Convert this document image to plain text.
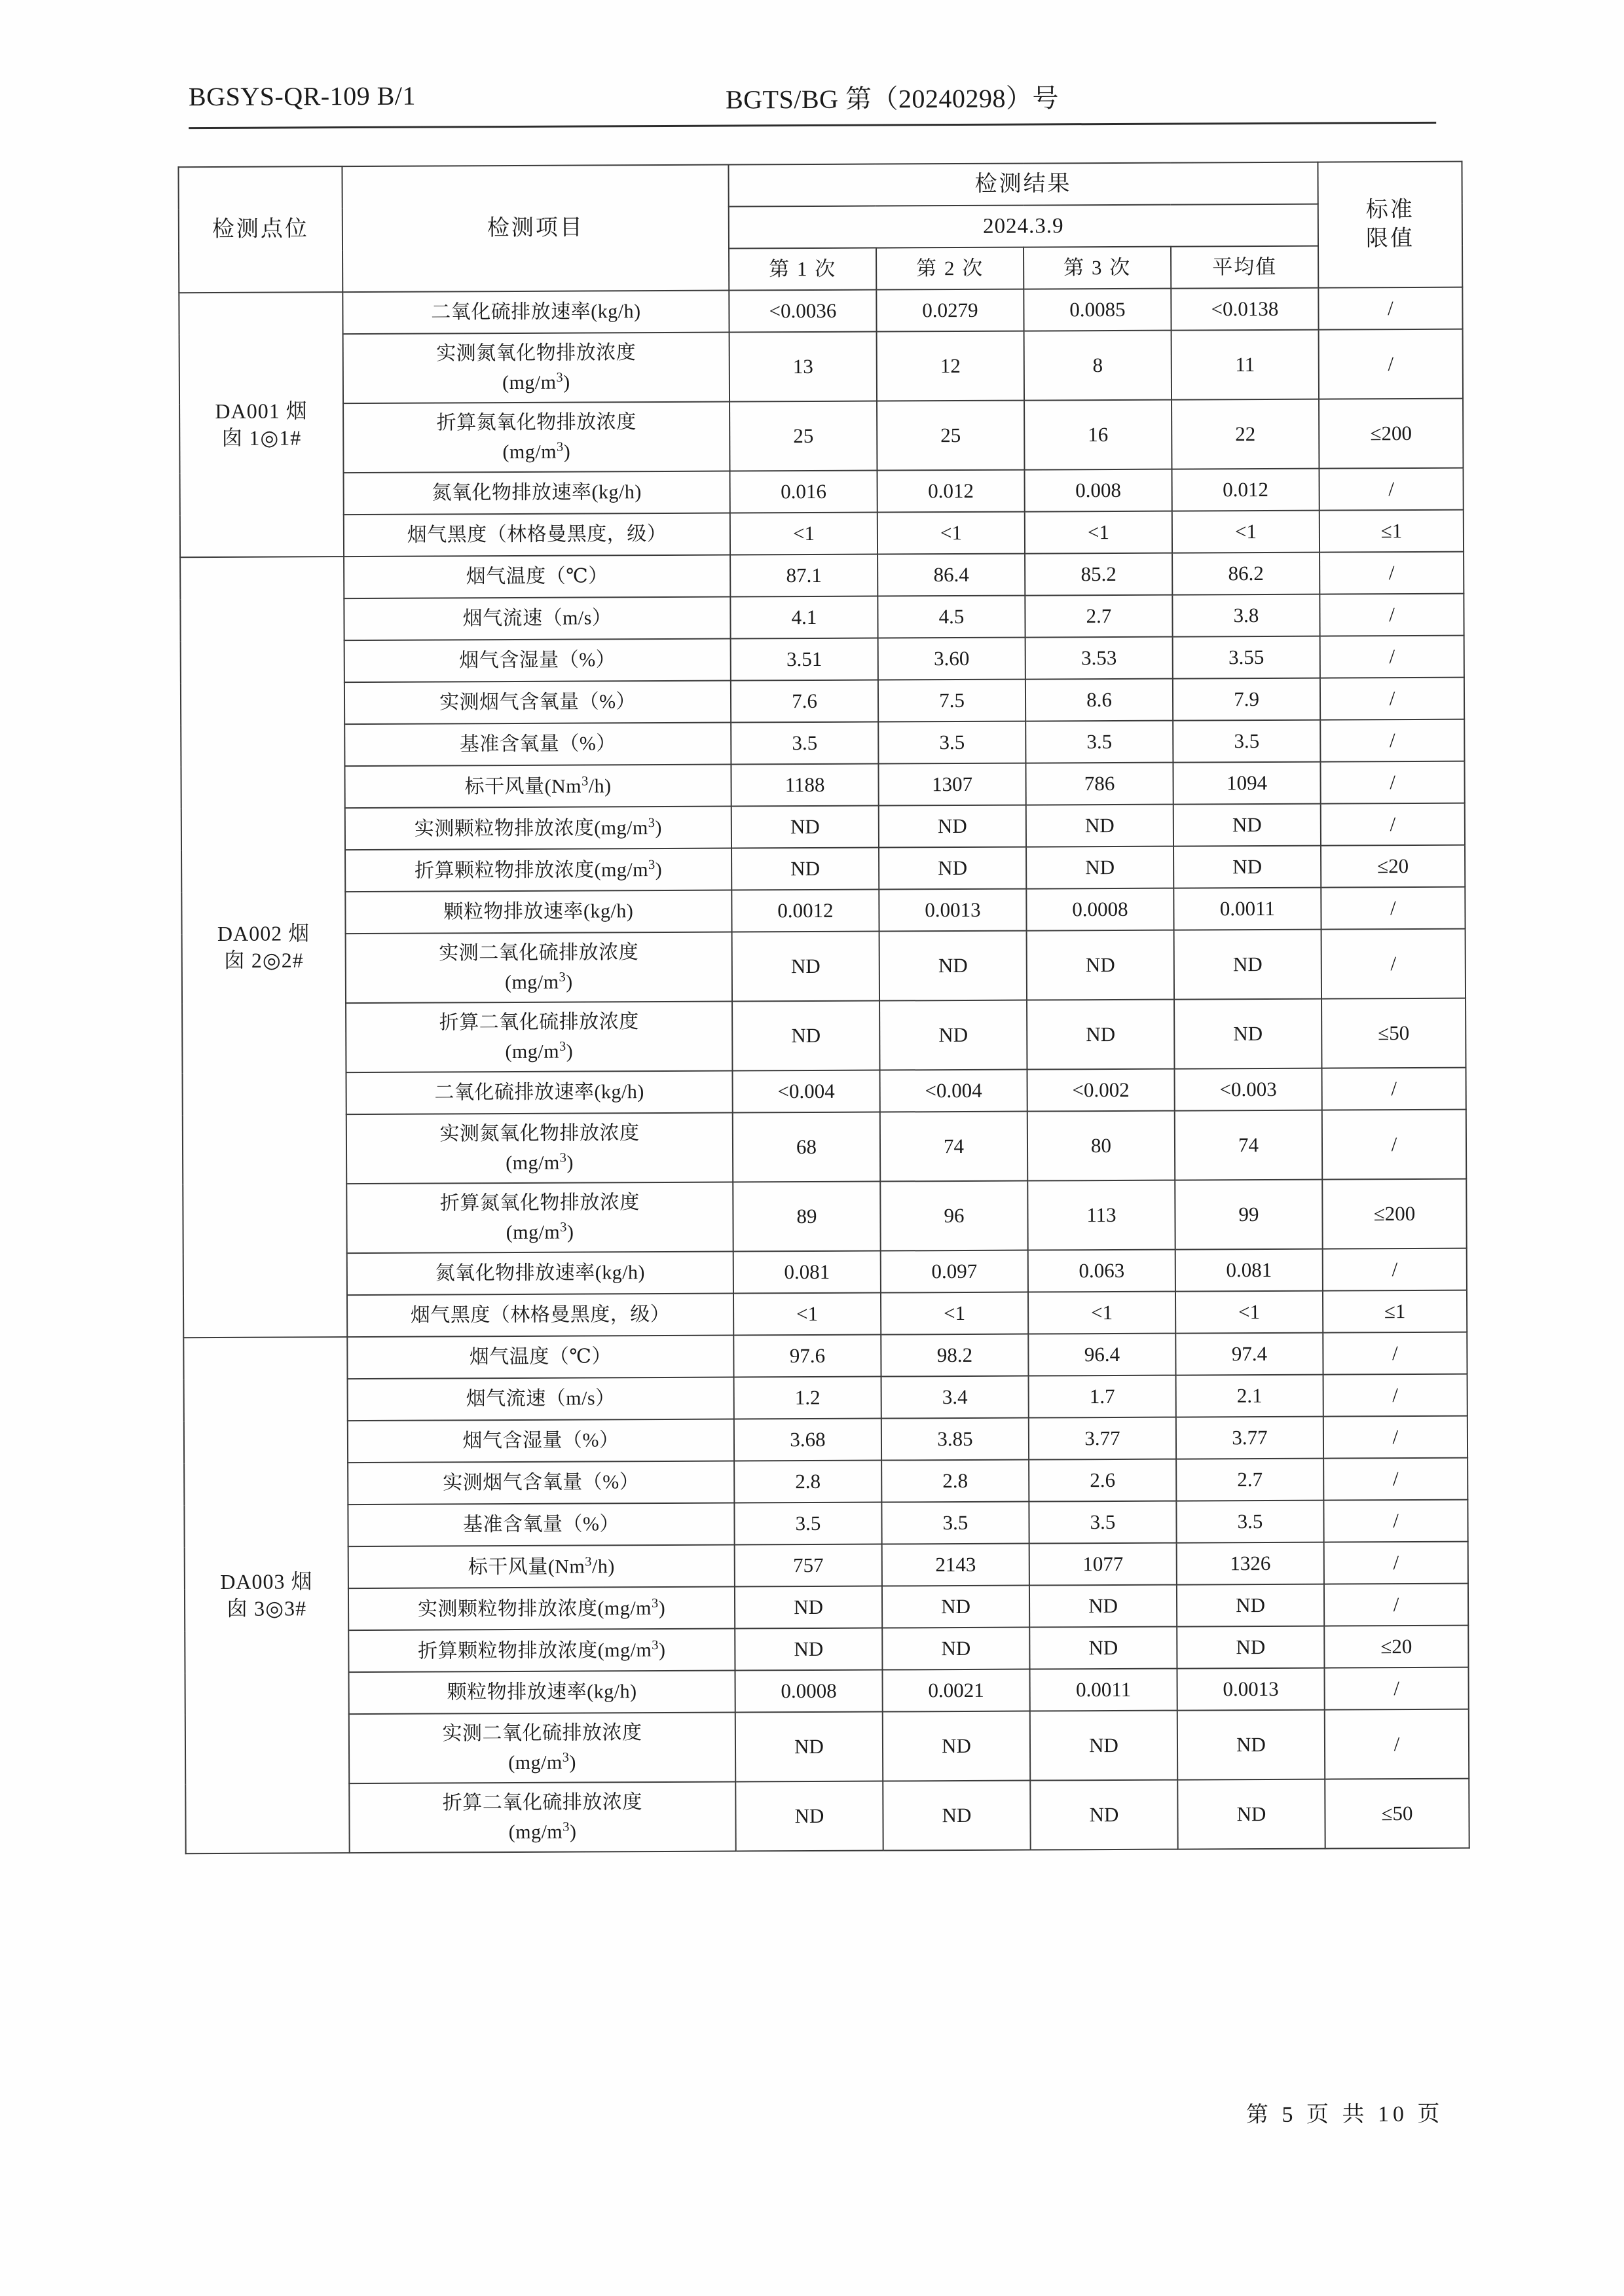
BGSYS-QR-109 B/1	BGTS/BG 第（20240298）号
检测点位	检测项目	检测结果				标准
限值

		2024.3.9				
		第 1 次	第 2 次	第 3 次	平均值	

DA001 烟
囱 1◎1#	二氧化硫排放速率(kg/h)	<0.0036	0.0279	0.0085	<0.0138	/

	实测氮氧化物排放浓度
$(mg/m^3)$	13	12	8	11	/

	折算氮氧化物排放浓度
$(mg/m^3)$	25	25	16	22	≤200
	氮氧化物排放速率(kg/h)	0.016	0.012	0.008	0.012	/
	烟气黑度（林格曼黑度，级）	<1	<1	<1	<1	≤1

DA002 烟
囱 2◎2#	烟气温度（℃）	87.1	86.4	85.2	86.2	/
	烟气流速（m/s）	4.1	4.5	2.7	3.8	/
	烟气含湿量（%）	3.51	3.60	3.53	3.55	/
	实测烟气含氧量（%）	7.6	7.5	8.6	7.9	/
	基准含氧量（%）	3.5	3.5	3.5	3.5	/
	标干风量(Nm$^3$/h)	1188	1307	786	1094	/
	实测颗粒物排放浓度$(mg/m^3)$	ND	ND	ND	ND	/
	折算颗粒物排放浓度$(mg/m^3)$	ND	ND	ND	ND	≤20
	颗粒物排放速率(kg/h)	0.0012	0.0013	0.0008	0.0011	/

	实测二氧化硫排放浓度
$(mg/m^3)$	ND	ND	ND	ND	/

	折算二氧化硫排放浓度
$(mg/m^3)$	ND	ND	ND	ND	≤50
	二氧化硫排放速率(kg/h)	<0.004	<0.004	<0.002	<0.003	/

	实测氮氧化物排放浓度
$(mg/m^3)$	68	74	80	74	/

	折算氮氧化物排放浓度
$(mg/m^3)$	89	96	113	99	≤200
	氮氧化物排放速率(kg/h)	0.081	0.097	0.063	0.081	/
	烟气黑度（林格曼黑度，级）	<1	<1	<1	<1	≤1

DA003 烟
囱 3◎3#	烟气温度（℃）	97.6	98.2	96.4	97.4	/
	烟气流速（m/s）	1.2	3.4	1.7	2.1	/
	烟气含湿量（%）	3.68	3.85	3.77	3.77	/
	实测烟气含氧量（%）	2.8	2.8	2.6	2.7	/
	基准含氧量（%）	3.5	3.5	3.5	3.5	/
	标干风量(Nm$^3$/h)	757	2143	1077	1326	/
	实测颗粒物排放浓度$(mg/m^3)$	ND	ND	ND	ND	/
	折算颗粒物排放浓度$(mg/m^3)$	ND	ND	ND	ND	≤20
	颗粒物排放速率(kg/h)	0.0008	0.0021	0.0011	0.0013	/

	实测二氧化硫排放浓度
$(mg/m^3)$	ND	ND	ND	ND	/

	折算二氧化硫排放浓度
$(mg/m^3)$	ND	ND	ND	ND	≤50
第 5 页 共 10 页
